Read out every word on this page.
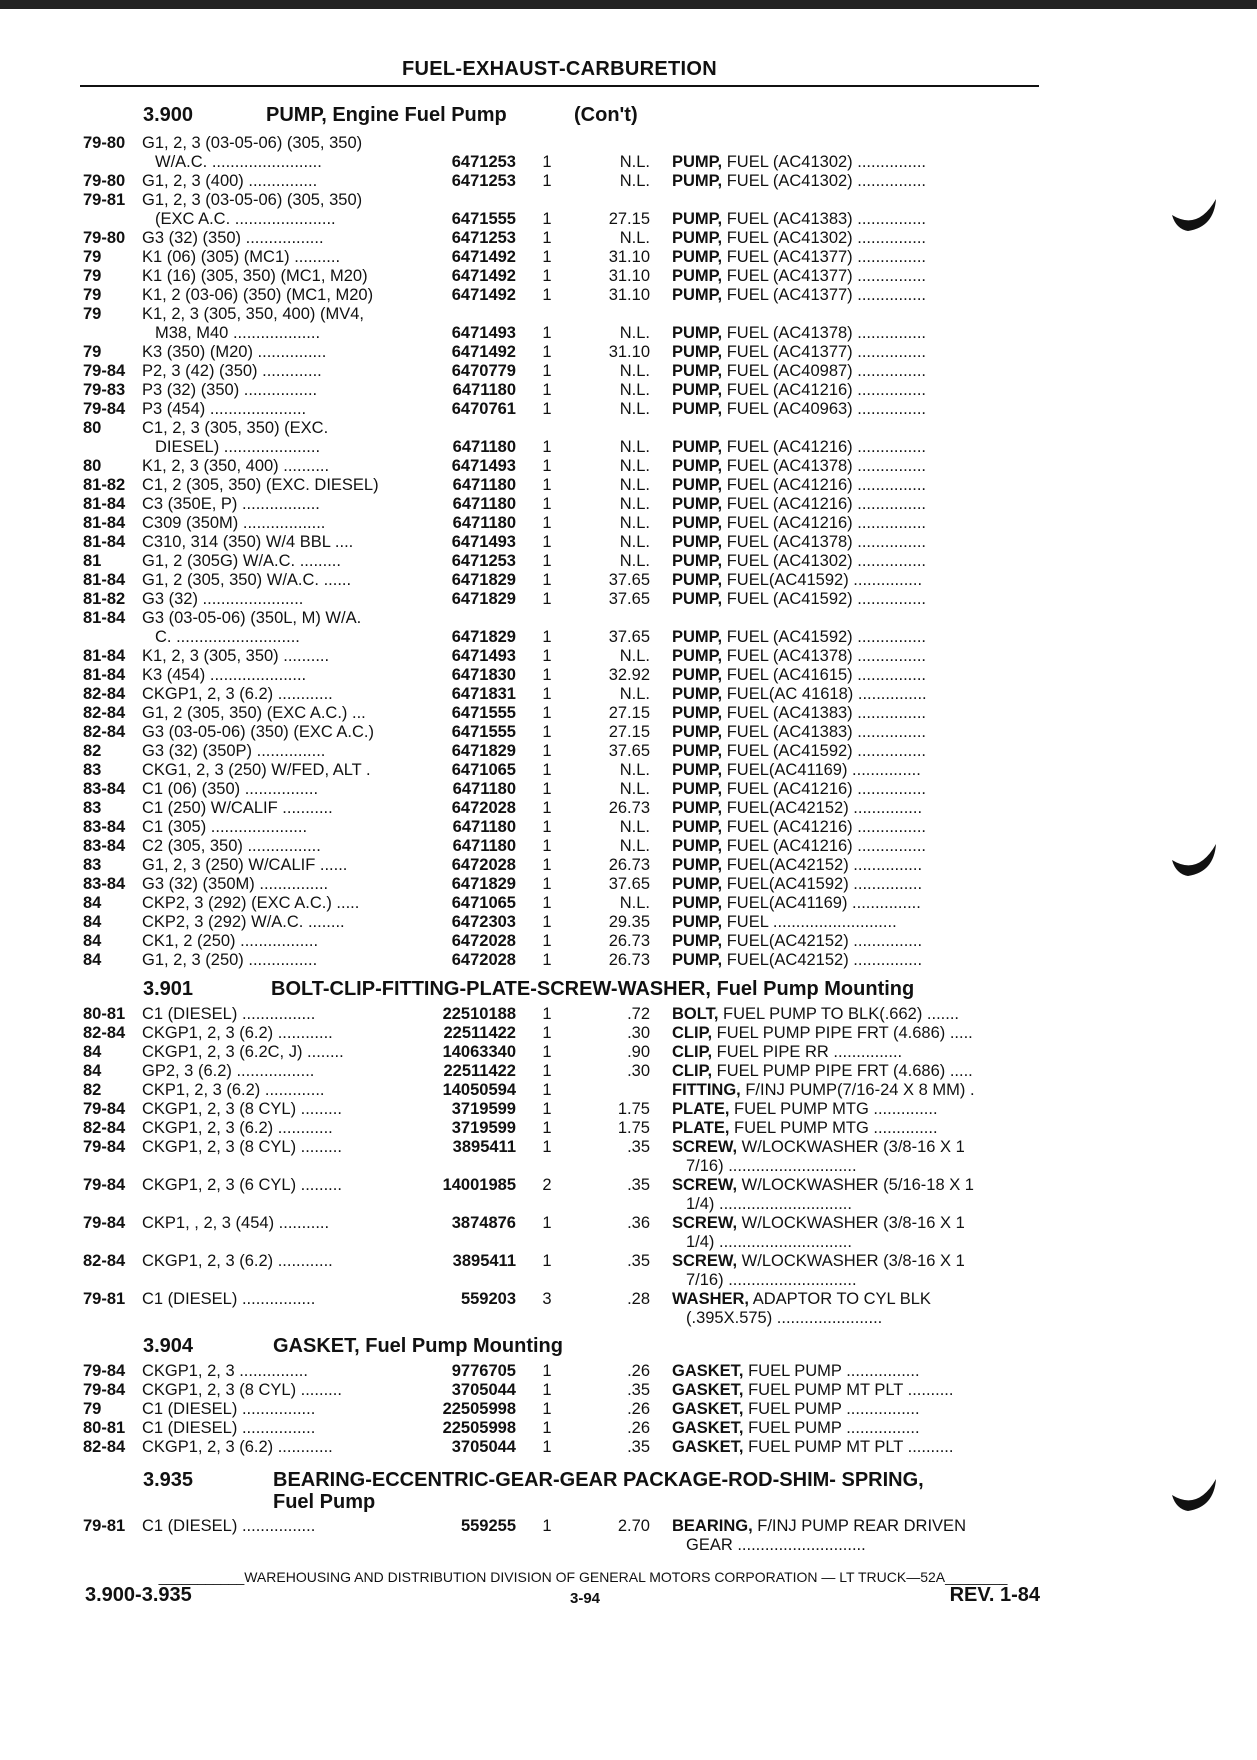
FUEL-EXHAUST-CARBURETION
3.900	PUMP, Engine Fuel Pump	(Con't)
79-80 G1, 2, 3 (03-05-06) (305, 350)
W/A.C. ........................	6471253 1	N.L. PUMP, FUEL (AC41302) ...............
79-80 G1, 2, 3 (400) ...............	6471253 1	N.L. PUMP, FUEL (AC41302) ...............
79-81 G1, 2, 3 (03-05-06) (305, 350)
(EXC A.C. ......................	6471555 1	27.15 PUMP, FUEL (AC41383) ...............
79-80 G3 (32) (350) .................	6471253 1	N.L. PUMP, FUEL (AC41302) ...............
79 K1 (06) (305) (MC1) ..........	6471492 1	31.10 PUMP, FUEL (AC41377) ...............
79 K1 (16) (305, 350) (MC1, M20)	6471492 1	31.10 PUMP, FUEL (AC41377) ...............
79 K1, 2 (03-06) (350) (MC1, M20)	6471492 1	31.10 PUMP, FUEL (AC41377) ...............
79 K1, 2, 3 (305, 350, 400) (MV4,
M38, M40 ...................	6471493 1	N.L. PUMP, FUEL (AC41378) ...............
79 K3 (350) (M20) ...............	6471492 1	31.10 PUMP, FUEL (AC41377) ...............
79-84 P2, 3 (42) (350) .............	6470779 1	N.L. PUMP, FUEL (AC40987) ...............
79-83 P3 (32) (350) ................	6471180 1	N.L. PUMP, FUEL (AC41216) ...............
79-84 P3 (454) .....................	6470761 1	N.L. PUMP, FUEL (AC40963) ...............
80 C1, 2, 3 (305, 350) (EXC.
DIESEL) .....................	6471180 1	N.L. PUMP, FUEL (AC41216) ...............
80 K1, 2, 3 (350, 400) ..........	6471493 1	N.L. PUMP, FUEL (AC41378) ...............
81-82 C1, 2 (305, 350) (EXC. DIESEL)	6471180 1	N.L. PUMP, FUEL (AC41216) ...............
81-84 C3 (350E, P) .................	6471180 1	N.L. PUMP, FUEL (AC41216) ...............
81-84 C309 (350M) ..................	6471180 1	N.L. PUMP, FUEL (AC41216) ...............
81-84 C310, 314 (350) W/4 BBL ....	6471493 1	N.L. PUMP, FUEL (AC41378) ...............
81 G1, 2 (305G) W/A.C. .........	6471253 1	N.L. PUMP, FUEL (AC41302) ...............
81-84 G1, 2 (305, 350) W/A.C. ......	6471829 1	37.65 PUMP, FUEL(AC41592) ...............
81-82 G3 (32) ......................	6471829 1	37.65 PUMP, FUEL (AC41592) ...............
81-84 G3 (03-05-06) (350L, M) W/A.
C. ...........................	6471829 1	37.65 PUMP, FUEL (AC41592) ...............
81-84 K1, 2, 3 (305, 350) ..........	6471493 1	N.L. PUMP, FUEL (AC41378) ...............
81-84 K3 (454) .....................	6471830 1	32.92 PUMP, FUEL (AC41615) ...............
82-84 CKGP1, 2, 3 (6.2) ............	6471831 1	N.L. PUMP, FUEL(AC 41618) ...............
82-84 G1, 2 (305, 350) (EXC A.C.) ...	6471555 1	27.15 PUMP, FUEL (AC41383) ...............
82-84 G3 (03-05-06) (350) (EXC A.C.)	6471555 1	27.15 PUMP, FUEL (AC41383) ...............
82 G3 (32) (350P) ...............	6471829 1	37.65 PUMP, FUEL (AC41592) ...............
83 CKG1, 2, 3 (250) W/FED, ALT .	6471065 1	N.L. PUMP, FUEL(AC41169) ...............
83-84 C1 (06) (350) ................	6471180 1	N.L. PUMP, FUEL (AC41216) ...............
83 C1 (250) W/CALIF ...........	6472028 1	26.73 PUMP, FUEL(AC42152) ...............
83-84 C1 (305) .....................	6471180 1	N.L. PUMP, FUEL (AC41216) ...............
83-84 C2 (305, 350) ................	6471180 1	N.L. PUMP, FUEL (AC41216) ...............
83 G1, 2, 3 (250) W/CALIF ......	6472028 1	26.73 PUMP, FUEL(AC42152) ...............
83-84 G3 (32) (350M) ...............	6471829 1	37.65 PUMP, FUEL(AC41592) ...............
84 CKP2, 3 (292) (EXC A.C.) .....	6471065 1	N.L. PUMP, FUEL(AC41169) ...............
84 CKP2, 3 (292) W/A.C. ........	6472303 1	29.35 PUMP, FUEL ...........................
84 CK1, 2 (250) .................	6472028 1	26.73 PUMP, FUEL(AC42152) ...............
84 G1, 2, 3 (250) ...............	6472028 1	26.73 PUMP, FUEL(AC42152) ...............
3.901	BOLT-CLIP-FITTING-PLATE-SCREW-WASHER, Fuel Pump Mounting
80-81 C1 (DIESEL) ................	22510188 1	.72 BOLT, FUEL PUMP TO BLK(.662) .......
82-84 CKGP1, 2, 3 (6.2) ............	22511422 1	.30 CLIP, FUEL PUMP PIPE FRT (4.686) .....
84 CKGP1, 2, 3 (6.2C, J) ........	14063340 1	.90 CLIP, FUEL PIPE RR ...............
84 GP2, 3 (6.2) .................	22511422 1	.30 CLIP, FUEL PUMP PIPE FRT (4.686) .....
82 CKP1, 2, 3 (6.2) .............	14050594 1	FITTING, F/INJ PUMP(7/16-24 X 8 MM) .
79-84 CKGP1, 2, 3 (8 CYL) .........	3719599 1	1.75 PLATE, FUEL PUMP MTG ..............
82-84 CKGP1, 2, 3 (6.2) ............	3719599 1	1.75 PLATE, FUEL PUMP MTG ..............
79-84 CKGP1, 2, 3 (8 CYL) .........	3895411 1	.35 SCREW, W/LOCKWASHER (3/8-16 X 1
7/16) ............................
79-84 CKGP1, 2, 3 (6 CYL) .........	14001985 2	.35 SCREW, W/LOCKWASHER (5/16-18 X 1
1/4) .............................
79-84 CKP1, , 2, 3 (454) ...........	3874876 1	.36 SCREW, W/LOCKWASHER (3/8-16 X 1
1/4) .............................
82-84 CKGP1, 2, 3 (6.2) ............	3895411 1	.35 SCREW, W/LOCKWASHER (3/8-16 X 1
7/16) ............................
79-81 C1 (DIESEL) ................	559203 3	.28 WASHER, ADAPTOR TO CYL BLK
(.395X.575) .......................
3.904	GASKET, Fuel Pump Mounting
79-84 CKGP1, 2, 3 ...............	9776705 1	.26 GASKET, FUEL PUMP ................
79-84 CKGP1, 2, 3 (8 CYL) .........	3705044 1	.35 GASKET, FUEL PUMP MT PLT ..........
79 C1 (DIESEL) ................	22505998 1	.26 GASKET, FUEL PUMP ................
80-81 C1 (DIESEL) ................	22505998 1	.26 GASKET, FUEL PUMP ................
82-84 CKGP1, 2, 3 (6.2) ............	3705044 1	.35 GASKET, FUEL PUMP MT PLT ..........
3.935	BEARING-ECCENTRIC-GEAR-GEAR PACKAGE-ROD-SHIM- SPRING,
Fuel Pump
79-81 C1 (DIESEL) ................	559255 1	2.70 BEARING, F/INJ PUMP REAR DRIVEN
GEAR ............................
___________WAREHOUSING AND DISTRIBUTION DIVISION OF GENERAL MOTORS CORPORATION — LT TRUCK—52A________
3.900-3.935	3-94	REV. 1-84
